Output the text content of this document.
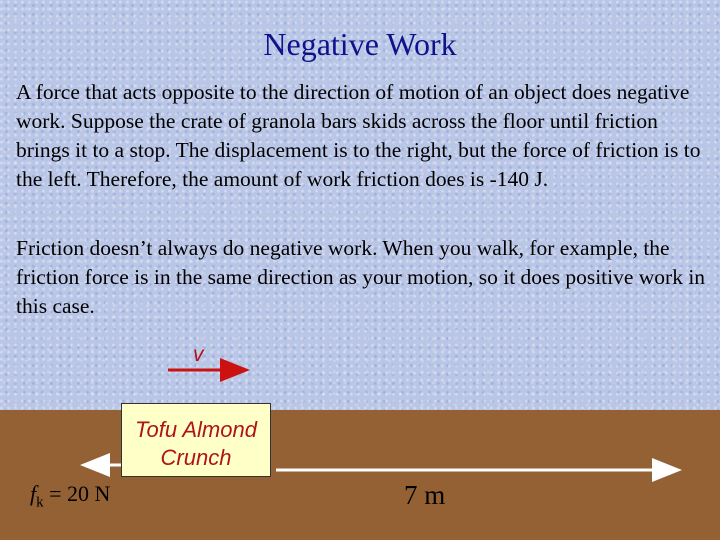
Negative Work

A force that acts opposite to the direction of motion of an object does negative work. Suppose the crate of granola bars skids across the floor until friction brings it to a stop. The displacement is to the right, but the force of friction is to the left. Therefore, the amount of work friction does is -140 J.

Friction doesn’t always do negative work. When you walk, for example, the friction force is in the same direction as your motion, so it does positive work in this case.

v
Tofu Almond
Crunch
$f_k = 20$ N	7 m
